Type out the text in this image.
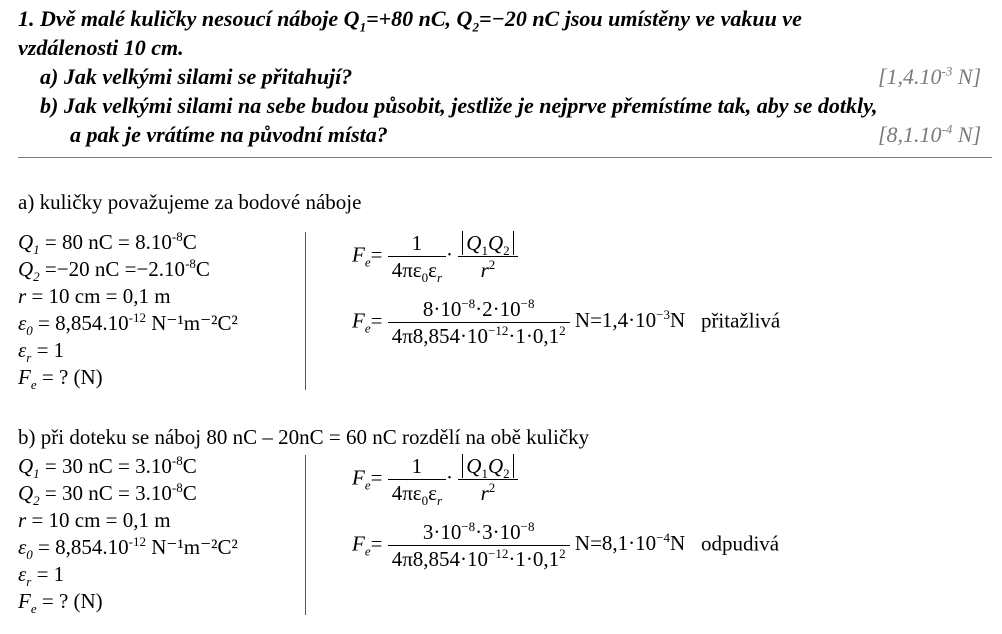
1. Dvě malé kuličky nesoucí náboje $Q_1=+80$ nC, $Q_2=-20$ nC jsou umístěny ve vakuu ve
vzdálenosti 10 cm.
a) Jak velkými silami se přitahují?	[$1,4.10^{-3}$ N]
b) Jak velkými silami na sebe budou působit, jestliže je nejprve přemístíme tak, aby se dotkly,
a pak je vrátíme na původní místa?	[$8,1.10^{-4}$ N]
a) kuličky považujeme za bodové náboje
$Q_1 = 80$ nC = $8.10^{-8}C$
$Q_2 =-20$ nC $=-2.10^{-8}C$
r = 10 cm = 0,1 m
$\varepsilon_0 = 8,854.10^{-12}$ N⁻¹m⁻²C²
$\varepsilon_r = 1$
$F_e$ = ? (N)
$F_e= \frac{1}{4\pi\varepsilon_0\varepsilon_r} \cdot \frac{Q_1Q_2}{r^2}$
$F_e= \frac{8\cdot 10^{-8}\cdot 2\cdot 10^{-8}}{4\pi 8,854\cdot 10^{-12}\cdot 1\cdot 0,1^2} N=1,4\cdot 10^{-3}N$ přitažlivá
b) při doteku se náboj 80 nC – 20nC = 60 nC rozdělí na obě kuličky
$Q_1 = 30$ nC = $3.10^{-8}C$
$Q_2 = 30$ nC = $3.10^{-8}C$
r = 10 cm = 0,1 m
$\varepsilon_0 = 8,854.10^{-12}$ N⁻¹m⁻²C²
$\varepsilon_r = 1$
$F_e$ = ? (N)
$F_e= \frac{1}{4\pi\varepsilon_0\varepsilon_r} \cdot \frac{Q_1Q_2}{r^2}$
$F_e= \frac{3\cdot 10^{-8}\cdot 3\cdot 10^{-8}}{4\pi 8,854\cdot 10^{-12}\cdot 1\cdot 0,1^2} N=8,1\cdot 10^{-4}N$ odpudivá
